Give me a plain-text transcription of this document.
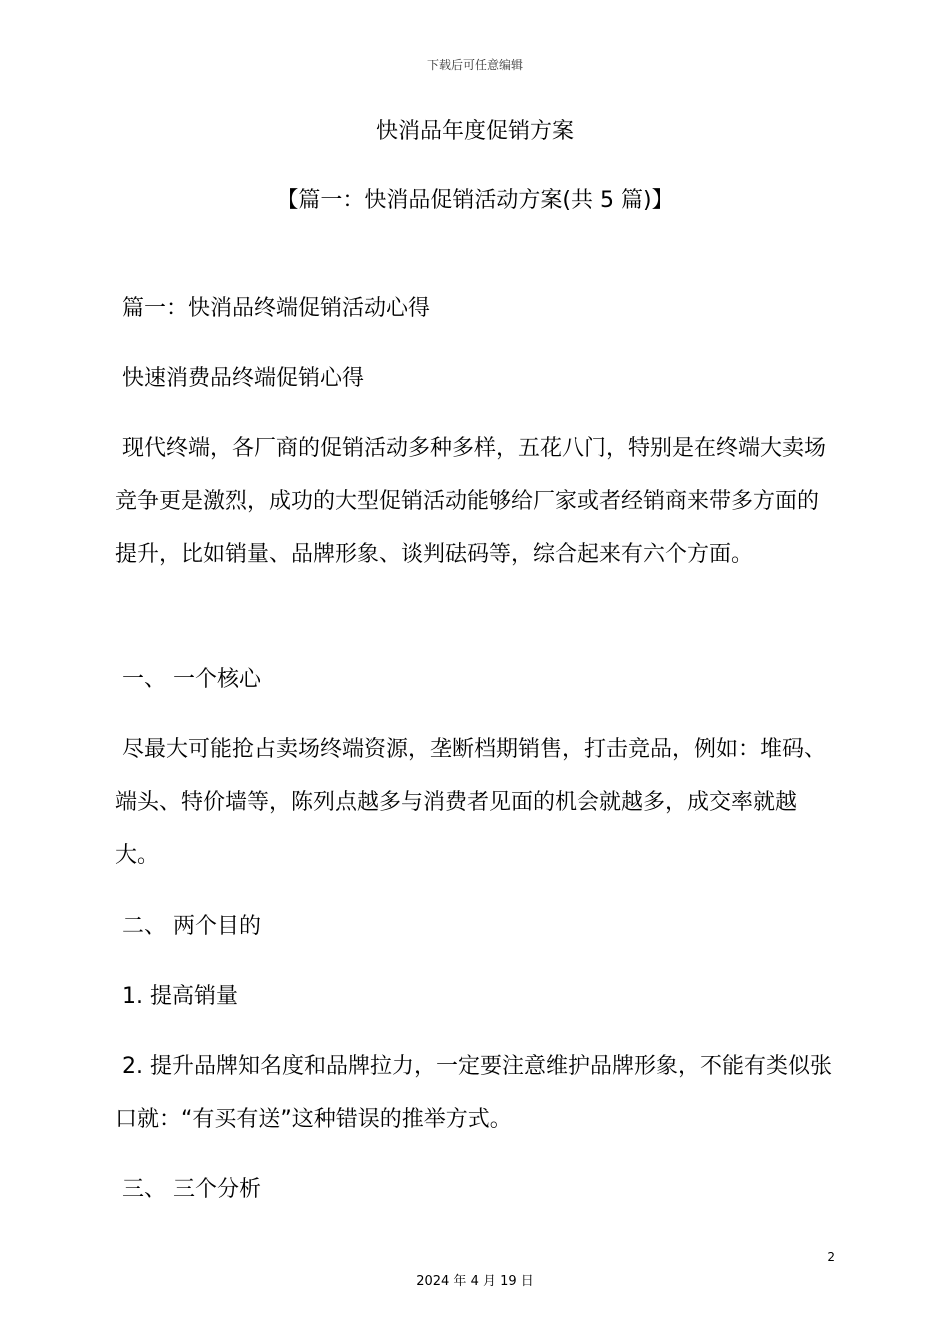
下载后可任意编辑
快消品年度促销方案
【篇一：快消品促销活动方案(共 5 篇)】

篇一：快消品终端促销活动心得

快速消费品终端促销心得

现代终端，各厂商的促销活动多种多样，五花八门，特别是在终端大卖场竞争更是激烈，成功的大型促销活动能够给厂家或者经销商来带多方面的提升，比如销量、品牌形象、谈判砝码等，综合起来有六个方面。

一、 一个核心

尽最大可能抢占卖场终端资源，垄断档期销售，打击竞品，例如：堆码、端头、特价墙等，陈列点越多与消费者见面的机会就越多，成交率就越大。

二、 两个目的

1. 提高销量

2. 提升品牌知名度和品牌拉力，一定要注意维护品牌形象，不能有类似张口就：“有买有送”这种错误的推举方式。

三、 三个分析

2
2024 年 4 月 19 日
